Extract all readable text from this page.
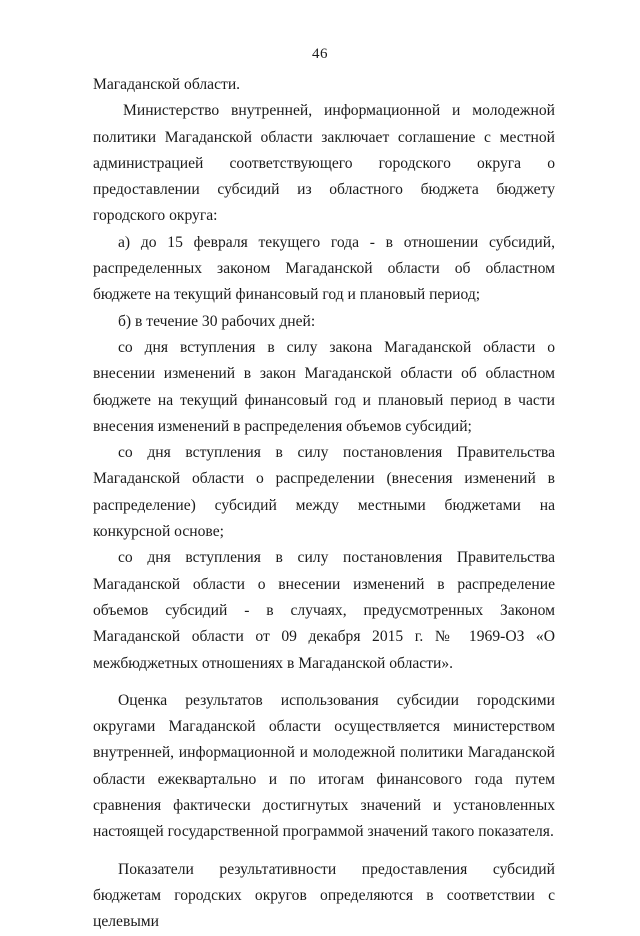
46

Магаданской области.

Министерство внутренней, информационной и молодежной политики Магаданской области заключает соглашение с местной администрацией соответствующего городского округа о предоставлении субсидий из областного бюджета бюджету городского округа:

а) до 15 февраля текущего года - в отношении субсидий, распределенных законом Магаданской области об областном бюджете на текущий финансовый год и плановый период;

б) в течение 30 рабочих дней:

со дня вступления в силу закона Магаданской области о внесении изменений в закон Магаданской области об областном бюджете на текущий финансовый год и плановый период в части внесения изменений в распределения объемов субсидий;

со дня вступления в силу постановления Правительства Магаданской области о распределении (внесения изменений в распределение) субсидий между местными бюджетами на конкурсной основе;

со дня вступления в силу постановления Правительства Магаданской области о внесении изменений в распределение объемов субсидий - в случаях, предусмотренных Законом Магаданской области от 09 декабря 2015 г. № 1969-ОЗ «О межбюджетных отношениях в Магаданской области».

Оценка результатов использования субсидии городскими округами Магаданской области осуществляется министерством внутренней, информационной и молодежной политики Магаданской области ежеквартально и по итогам финансового года путем сравнения фактически достигнутых значений и установленных настоящей государственной программой значений такого показателя.

Показатели результативности предоставления субсидий бюджетам городских округов определяются в соответствии с целевыми
